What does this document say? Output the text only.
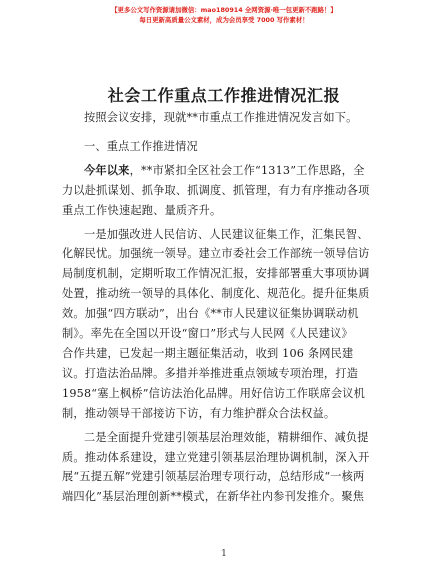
【更多公文写作资源请加微信：mao180914 全网资源·唯一包更新不跑路！】
每日更新高质量公文素材，成为会员享受 7000 写作素材！
社会工作重点工作推进情况汇报
按照会议安排，现就**市重点工作推进情况发言如下。
一、重点工作推进情况
今年以来，**市紧扣全区社会工作“1313”工作思路，全
力以赴抓谋划、抓争取、抓调度、抓管理，有力有序推动各项
重点工作快速起跑、量质齐升。
一是加强改进人民信访、人民建议征集工作，汇集民智、
化解民忧。加强统一领导。建立市委社会工作部统一领导信访
局制度机制，定期听取工作情况汇报，安排部署重大事项协调
处置，推动统一领导的具体化、制度化、规范化。提升征集质
效。加强“四方联动”，出台《**市人民建议征集协调联动机
制》。率先在全国以开设“窗口”形式与人民网《人民建议》
合作共建，已发起一期主题征集活动，收到 106 条网民建
议。打造法治品牌。多措并举推进重点领域专项治理，打造
1958“塞上枫桥”信访法治化品牌。用好信访工作联席会议机
制，推动领导干部接访下访，有力维护群众合法权益。
二是全面提升党建引领基层治理效能，精耕细作、减负提
质。推动体系建设，建立党建引领基层治理协调机制，深入开
展“五提五解”党建引领基层治理专项行动，总结形成“一核两
端四化”基层治理创新**模式，在新华社内参刊发推介。聚焦
1
